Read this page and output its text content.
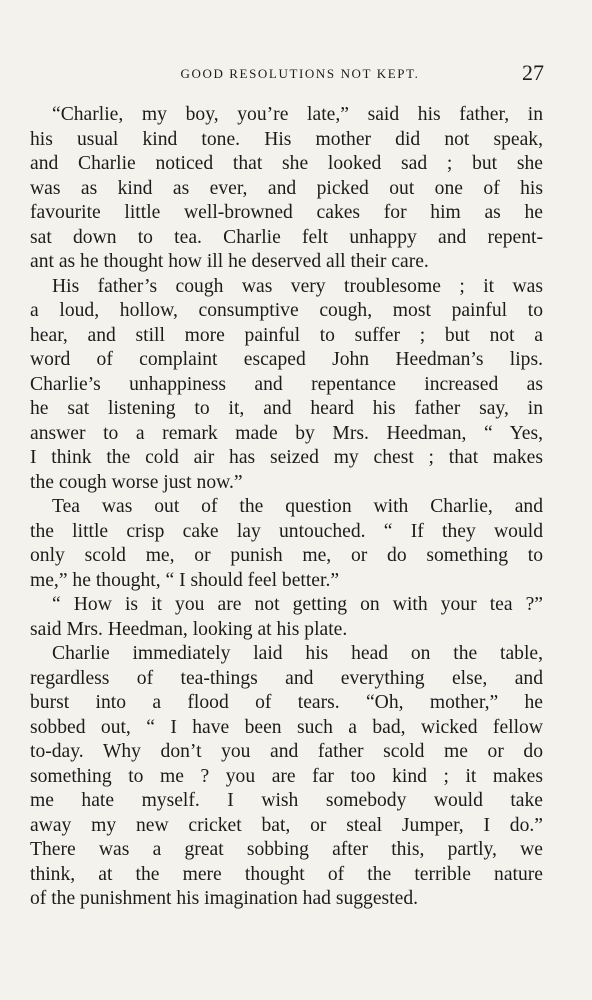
GOOD RESOLUTIONS NOT KEPT.	27
“Charlie, my boy, you’re late,” said his father, in
his usual kind tone. His mother did not speak,
and Charlie noticed that she looked sad ; but she
was as kind as ever, and picked out one of his
favourite little well-browned cakes for him as he
sat down to tea. Charlie felt unhappy and repent-
ant as he thought how ill he deserved all their care.
His father’s cough was very troublesome ; it was
a loud, hollow, consumptive cough, most painful to
hear, and still more painful to suffer ; but not a
word of complaint escaped John Heedman’s lips.
Charlie’s unhappiness and repentance increased as
he sat listening to it, and heard his father say, in
answer to a remark made by Mrs. Heedman, “ Yes,
I think the cold air has seized my chest ; that makes
the cough worse just now.”
Tea was out of the question with Charlie, and
the little crisp cake lay untouched. “ If they would
only scold me, or punish me, or do something to
me,” he thought, “ I should feel better.”
“ How is it you are not getting on with your tea ?”
said Mrs. Heedman, looking at his plate.
Charlie immediately laid his head on the table,
regardless of tea-things and everything else, and
burst into a flood of tears. “Oh, mother,” he
sobbed out, “ I have been such a bad, wicked fellow
to-day. Why don’t you and father scold me or do
something to me ? you are far too kind ; it makes
me hate myself. I wish somebody would take
away my new cricket bat, or steal Jumper, I do.”
There was a great sobbing after this, partly, we
think, at the mere thought of the terrible nature
of the punishment his imagination had suggested.
